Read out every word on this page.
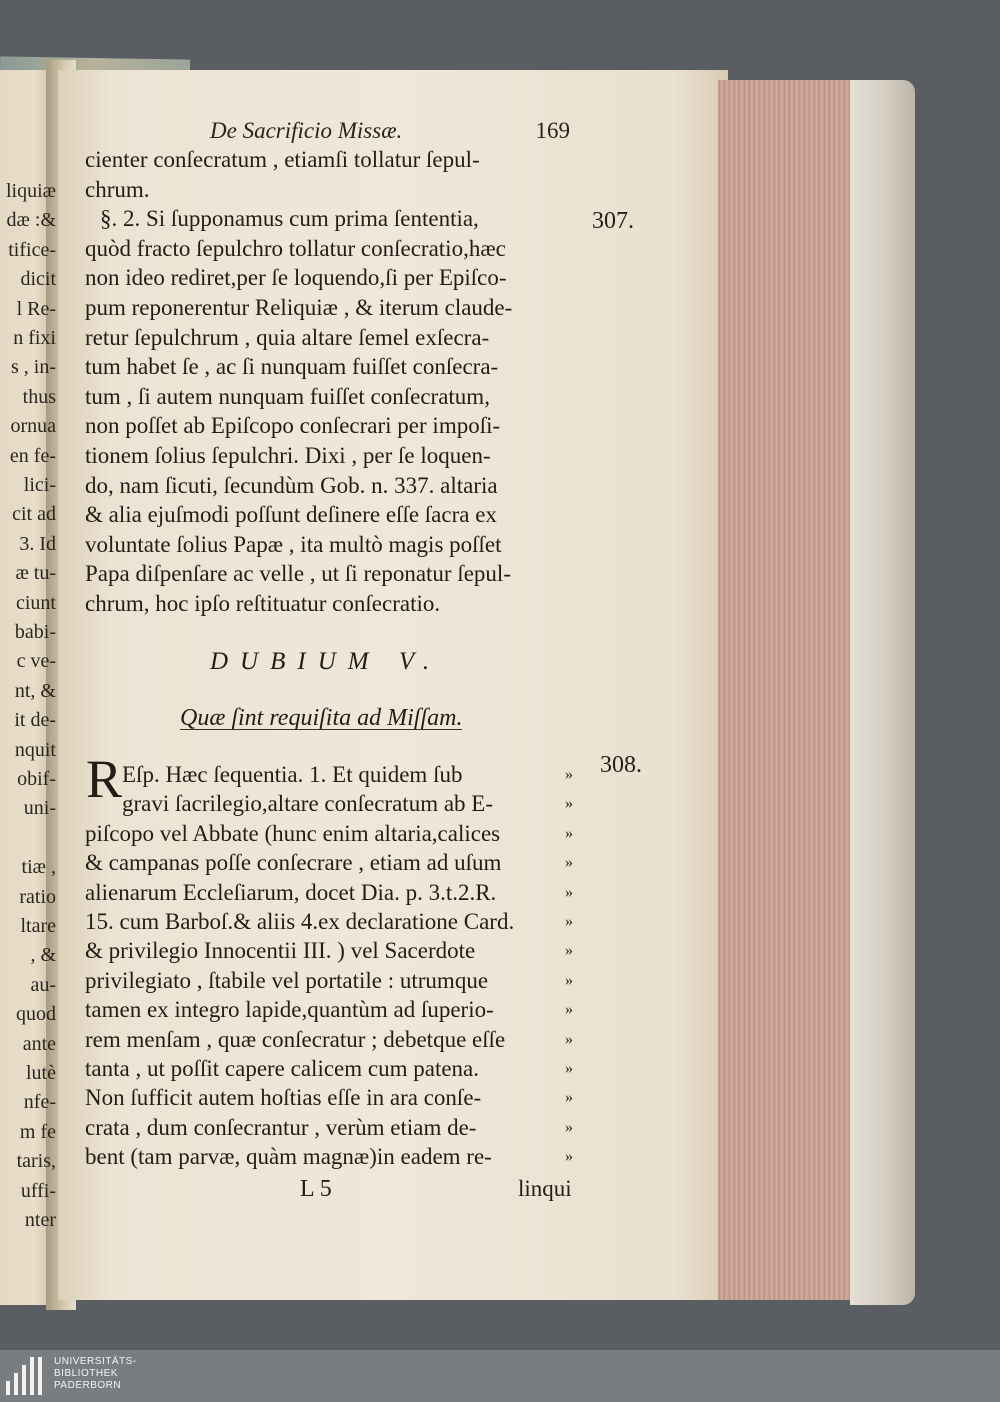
liquiæ
dæ :&
tifice-
dicit
l Re-
n fixi
s , in-
thus
ornua
en fe-
lici-
cit ad
3. Id
æ tu-
ciunt
babi-
c ve-
nt, &
it de-
nquit
obif-
uni-
tiæ ,
ratio
ltare
, &
au-
quod
ante
lutè
nfe-
m fe
taris,
uffi-
nter
De Sacrificio Missæ.	169
cienter conſecratum , etiamſi tollatur ſepul-
chrum.
§. 2. Si ſupponamus cum prima ſententia,
quòd fracto ſepulchro tollatur conſecratio,hæc
non ideo rediret,per ſe loquendo,ſi per Epiſco-
pum reponerentur Reliquiæ , & iterum claude-
retur ſepulchrum , quia altare ſemel exſecra-
tum habet ſe , ac ſi nunquam fuiſſet conſecra-
tum , ſi autem nunquam fuiſſet conſecratum,
non poſſet ab Epiſcopo conſecrari per impoſi-
tionem ſolius ſepulchri. Dixi , per ſe loquen-
do, nam ſicuti, ſecundùm Gob. n. 337. altaria
& alia ejuſmodi poſſunt deſinere eſſe ſacra ex
voluntate ſolius Papæ , ita multò magis poſſet
Papa diſpenſare ac velle , ut ſi reponatur ſepul-
chrum, hoc ipſo reſtituatur conſecratio.
DUBIUM V.
Quæ ſint requiſita ad Miſſam.
R Eſp. Hæc ſequentia. 1. Et quidem ſub
gravi ſacrilegio,altare conſecratum ab E-
piſcopo vel Abbate (hunc enim altaria,calices
& campanas poſſe conſecrare , etiam ad uſum
alienarum Eccleſiarum, docet Dia. p. 3.t.2.R.
15. cum Barboſ.& aliis 4.ex declaratione Card.
& privilegio Innocentii III. ) vel Sacerdote
privilegiato , ſtabile vel portatile : utrumque
tamen ex integro lapide,quantùm ad ſuperio-
rem menſam , quæ conſecratur ; debetque eſſe
tanta , ut poſſit capere calicem cum patena.
Non ſufficit autem hoſtias eſſe in ara conſe-
crata , dum conſecrantur , verùm etiam de-
bent (tam parvæ, quàm magnæ)in eadem re-
»
»
»
»
»
»
»
»
»
»
»
»
»
»
307.
308.
L 5	linqui
UNIVERSITÄTS-
BIBLIOTHEK
PADERBORN
